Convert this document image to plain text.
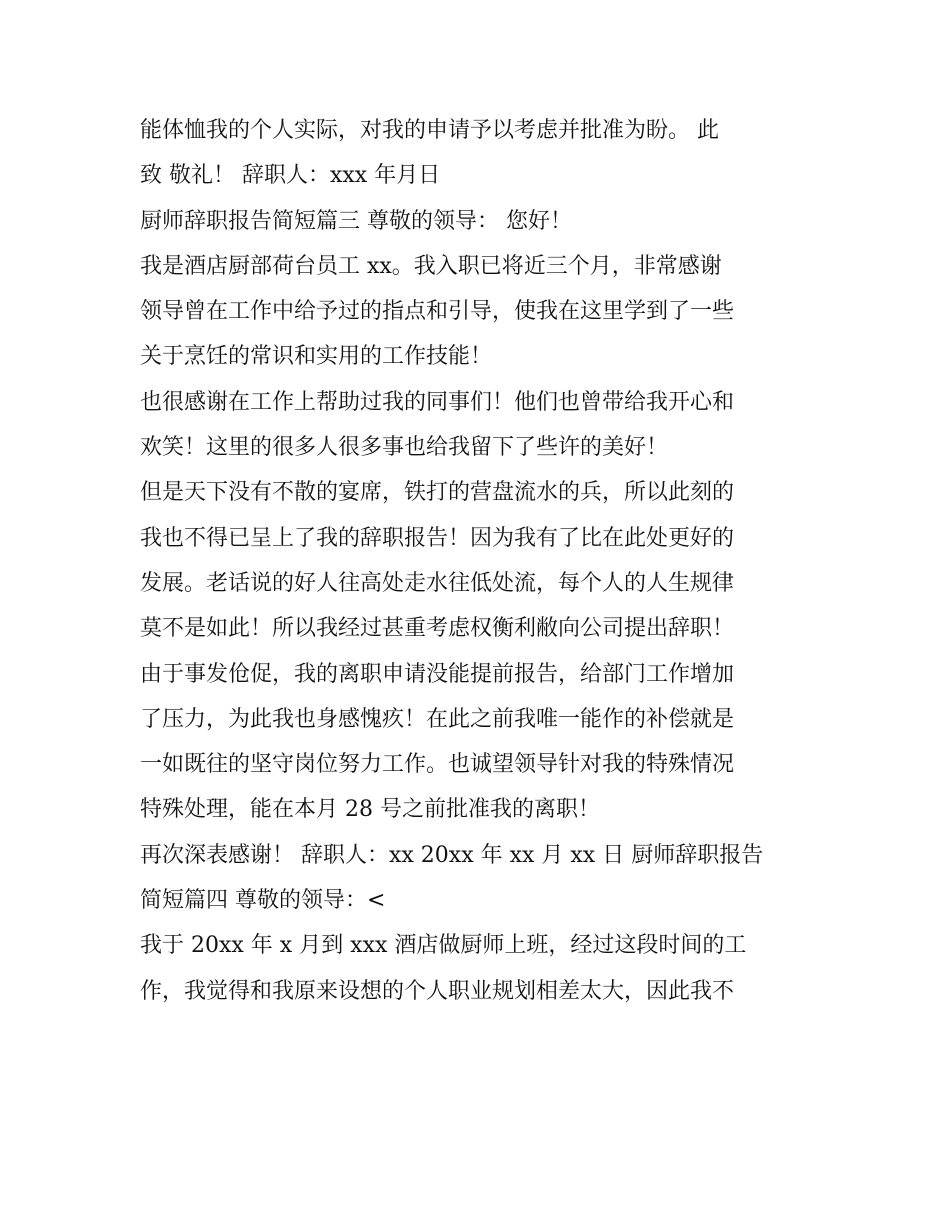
能体恤我的个人实际，对我的申请予以考虑并批准为盼。 此
致 敬礼！ 辞职人：xxx 年月日
厨师辞职报告简短篇三 尊敬的领导： 您好！
我是酒店厨部荷台员工 xx。我入职已将近三个月，非常感谢
领导曾在工作中给予过的指点和引导，使我在这里学到了一些
关于烹饪的常识和实用的工作技能！
也很感谢在工作上帮助过我的同事们！他们也曾带给我开心和
欢笑！这里的很多人很多事也给我留下了些许的美好！
但是天下没有不散的宴席，铁打的营盘流水的兵，所以此刻的
我也不得已呈上了我的辞职报告！因为我有了比在此处更好的
发展。老话说的好人往高处走水往低处流，每个人的人生规律
莫不是如此！所以我经过甚重考虑权衡利敝向公司提出辞职！
由于事发伧促，我的离职申请没能提前报告，给部门工作增加
了压力，为此我也身感愧疚！在此之前我唯一能作的补偿就是
一如既往的坚守岗位努力工作。也诚望领导针对我的特殊情况
特殊处理，能在本月 28 号之前批准我的离职！
再次深表感谢！ 辞职人：xx 20xx 年 xx 月 xx 日 厨师辞职报告
简短篇四 尊敬的领导：<
我于 20xx 年 x 月到 xxx 酒店做厨师上班，经过这段时间的工
作，我觉得和我原来设想的个人职业规划相差太大，因此我不
